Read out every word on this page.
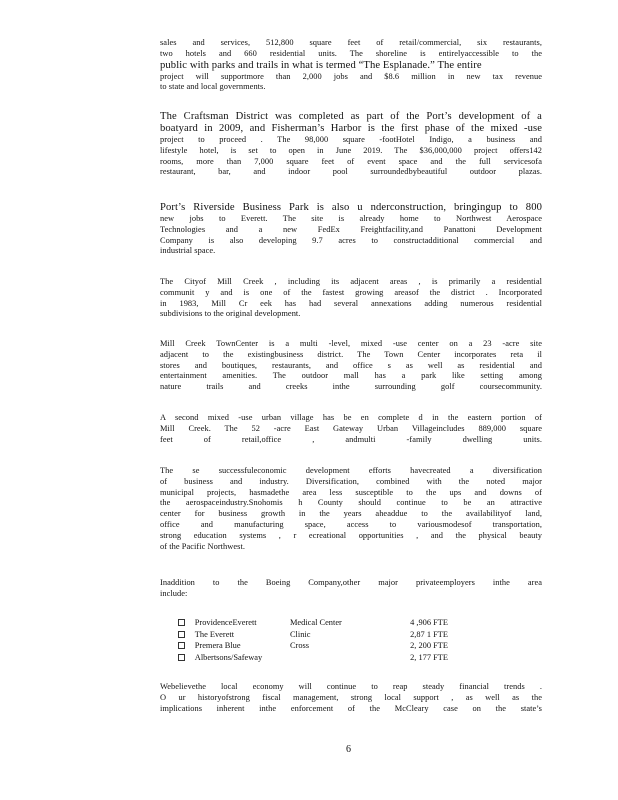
sales and services, 512,800 square feet of retail/commercial, six restaurants,
two hotels and 660 residential units. The shoreline is entirelyaccessible to the
public with parks and trails in what is termed “The Esplanade.” The entire
project will supportmore than 2,000 jobs and $8.6 million in new tax revenue
to state and local governments.
The Craftsman District was completed as part of the Port’s development of a
boatyard in 2009, and Fisherman’s Harbor is the first phase of the mixed -use
project to proceed . The 98,000 square -footHotel Indigo, a business and
lifestyle hotel, is set to open in June 2019. The $36,000,000 project offers142
rooms, more than 7,000 square feet of event space and the full servicesofa
restaurant, bar, and indoor pool surroundedbybeautiful outdoor plazas.
Port’s Riverside Business Park is also u nderconstruction, bringingup to 800
new jobs to Everett. The site is already home to Northwest Aerospace
Technologies and a new FedEx Freightfacility,and Panattoni Development
Company is also developing 9.7 acres to constructadditional commercial and
industrial space.
The Cityof Mill Creek , including its adjacent areas , is primarily a residential
communit y and is one of the fastest growing areasof the district . Incorporated
in 1983, Mill Cr eek has had several annexations adding numerous residential
subdivisions to the original development.
Mill Creek TownCenter is a multi -level, mixed -use center on a 23 -acre site
adjacent to the existingbusiness district. The Town Center incorporates reta il
stores and boutiques, restaurants, and office s as well as residential and
entertainment amenities. The outdoor mall has a park like setting among
nature trails and creeks inthe surrounding golf coursecommunity.
A second mixed -use urban village has be en complete d in the eastern portion of
Mill Creek. The 52 -acre East Gateway Urban Villageincludes 889,000 square
feet of retail,office , andmulti -family dwelling units.
The se successfuleconomic development efforts havecreated a diversification
of business and industry. Diversification, combined with the noted major
municipal projects, hasmadethe area less susceptible to the ups and downs of
the aerospaceindustry.Snohomis h County should continue to be an attractive
center for business growth in the years aheaddue to the availabilityof land,
office and manufacturing space, access to variousmodesof transportation,
strong education systems , r ecreational opportunities , and the physical beauty
of the Pacific Northwest.
Inaddition to the Boeing Company,other major privateemployers inthe area
include:
Webelievethe local economy will continue to reap steady financial trends .
O ur historyofstrong fiscal management, strong local support , as well as the
implications inherent inthe enforcement of the McCleary case on the state’s
ProvidenceEverett	Medical Center	4 ,906 FTE
The Everett	Clinic	2,87 1 FTE
Premera Blue	Cross	2, 200 FTE
Albertsons/Safeway	2, 177 FTE
6
